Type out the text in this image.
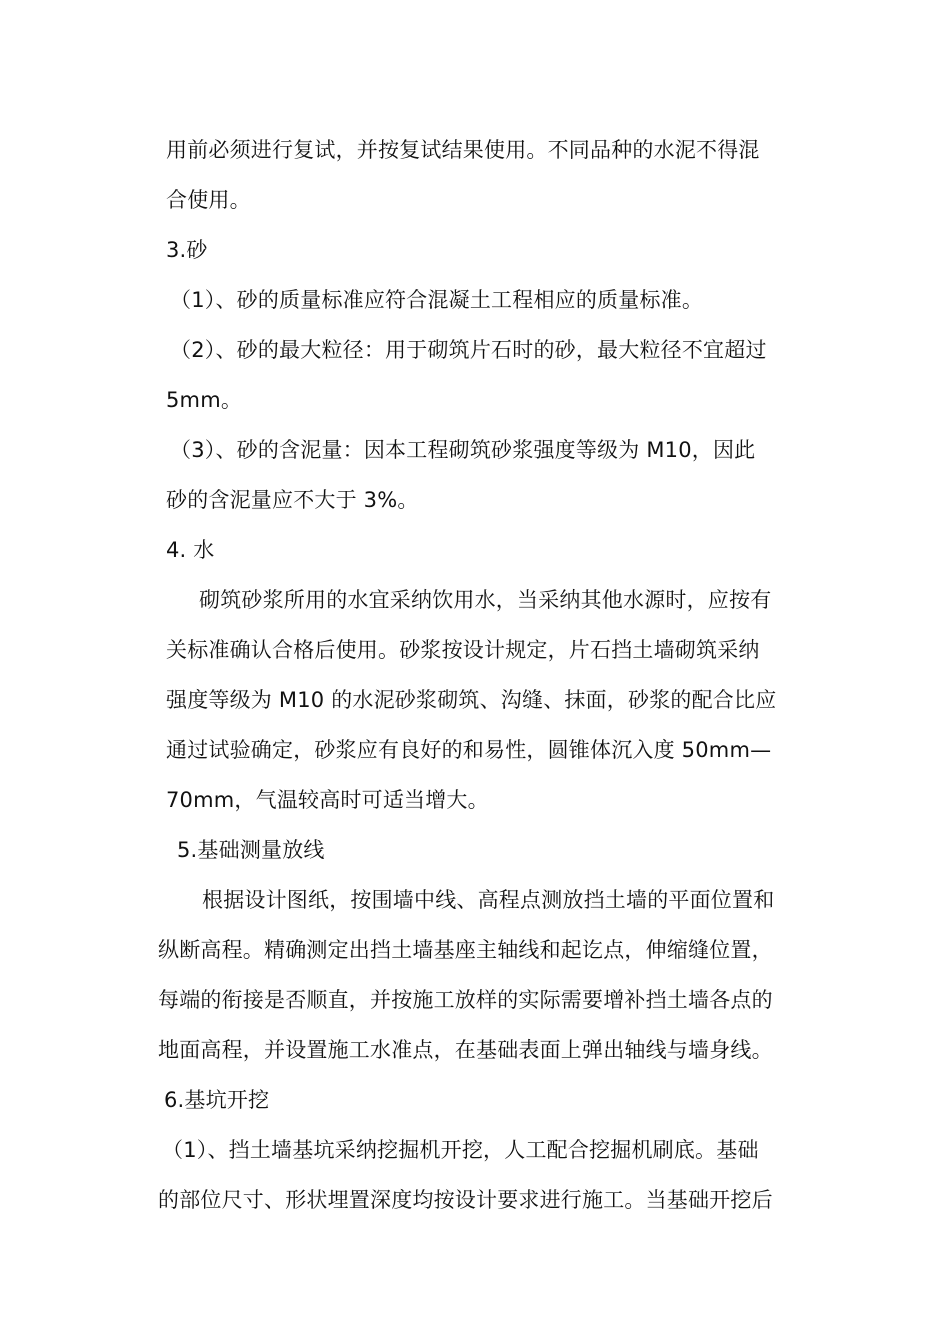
用前必须进行复试，并按复试结果使用。不同品种的水泥不得混
合使用。
3.砂
（1）、砂的质量标准应符合混凝土工程相应的质量标准。
（2）、砂的最大粒径：用于砌筑片石时的砂，最大粒径不宜超过
5mm。
（3）、砂的含泥量：因本工程砌筑砂浆强度等级为 M10，因此
砂的含泥量应不大于 3%。
4. 水
砌筑砂浆所用的水宜采纳饮用水，当采纳其他水源时，应按有
关标准确认合格后使用。砂浆按设计规定，片石挡土墙砌筑采纳
强度等级为 M10 的水泥砂浆砌筑、沟缝、抹面，砂浆的配合比应
通过试验确定，砂浆应有良好的和易性，圆锥体沉入度 50mm—
70mm，气温较高时可适当增大。
5.基础测量放线
根据设计图纸，按围墙中线、高程点测放挡土墙的平面位置和
纵断高程。精确测定出挡土墙基座主轴线和起讫点，伸缩缝位置，
每端的衔接是否顺直，并按施工放样的实际需要增补挡土墙各点的
地面高程，并设置施工水准点，在基础表面上弹出轴线与墙身线。
6.基坑开挖
（1）、挡土墙基坑采纳挖掘机开挖，人工配合挖掘机刷底。基础
的部位尺寸、形状埋置深度均按设计要求进行施工。当基础开挖后
